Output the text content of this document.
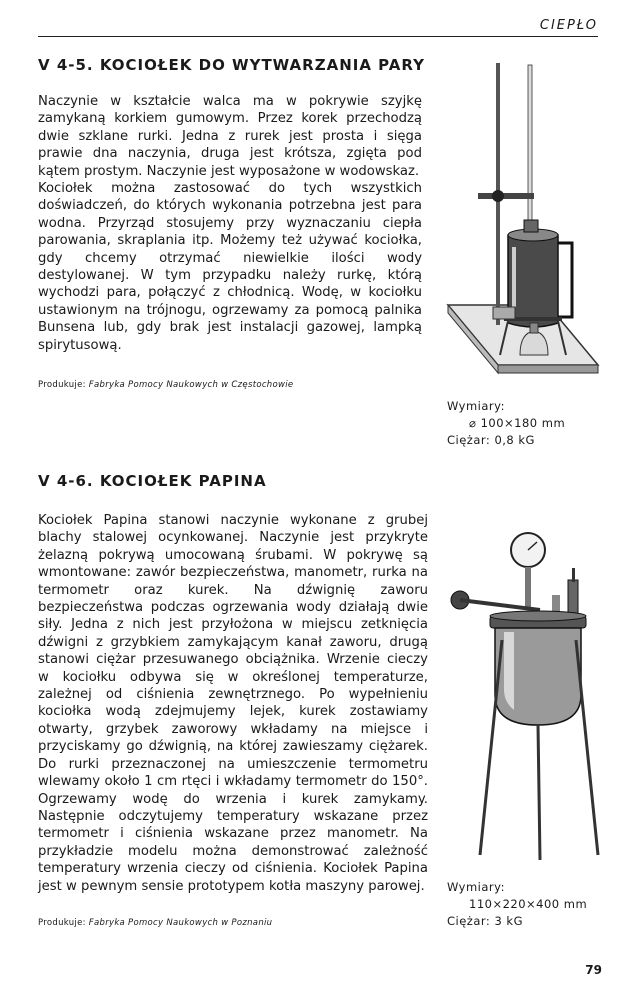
CIEPŁO
V 4-5. KOCIOŁEK DO WYTWARZANIA PARY

Naczynie w kształcie walca ma w pokrywie szyjkę zamykaną korkiem gumowym. Przez korek przechodzą dwie szklane rurki. Jedna z rurek jest prosta i sięga prawie dna naczynia, druga jest krótsza, zgięta pod kątem prostym. Naczynie jest wyposażone w wodowskaz.

Kociołek można zastosować do tych wszystkich doświadczeń, do których wykonania potrzebna jest para wodna. Przyrząd stosujemy przy wyznaczaniu ciepła parowania, skraplania itp. Możemy też używać kociołka, gdy chcemy otrzymać niewielkie ilości wody destylowanej. W tym przypadku należy rurkę, którą wychodzi para, połączyć z chłodnicą. Wodę, w kociołku ustawionym na trójnogu, ogrzewamy za pomocą palnika Bunsena lub, gdy brak jest instalacji gazowej, lampką spirytusową.

Produkuje: Fabryka Pomocy Naukowych w Częstochowie
Wymiary:
⌀ 100×180 mm
Ciężar: 0,8 kG
V 4-6. KOCIOŁEK PAPINA

Kociołek Papina stanowi naczynie wykonane z grubej blachy stalowej ocynkowanej. Naczynie jest przykryte żelazną pokrywą umocowaną śrubami. W pokrywę są wmontowane: zawór bezpieczeństwa, manometr, rurka na termometr oraz kurek. Na dźwignię zaworu bezpieczeństwa podczas ogrzewania wody działają dwie siły. Jedna z nich jest przyłożona w miejscu zetknięcia dźwigni z grzybkiem zamykającym kanał zaworu, drugą stanowi ciężar przesuwanego obciążnika. Wrzenie cieczy w kociołku odbywa się w określonej temperaturze, zależnej od ciśnienia zewnętrznego. Po wypełnieniu kociołka wodą zdejmujemy lejek, kurek zostawiamy otwarty, grzybek zaworowy wkładamy na miejsce i przyciskamy go dźwignią, na której zawieszamy ciężarek. Do rurki przeznaczonej na umieszczenie termometru wlewamy około 1 cm rtęci i wkładamy termometr do 150°. Ogrzewamy wodę do wrzenia i kurek zamykamy. Następnie odczytujemy temperatury wskazane przez termometr i ciśnienia wskazane przez manometr. Na przykładzie modelu można demonstrować zależność temperatury wrzenia cieczy od ciśnienia. Kociołek Papina jest w pewnym sensie prototypem kotła maszyny parowej.

Produkuje: Fabryka Pomocy Naukowych w Poznaniu
Wymiary:
110×220×400 mm
Ciężar: 3 kG
79
